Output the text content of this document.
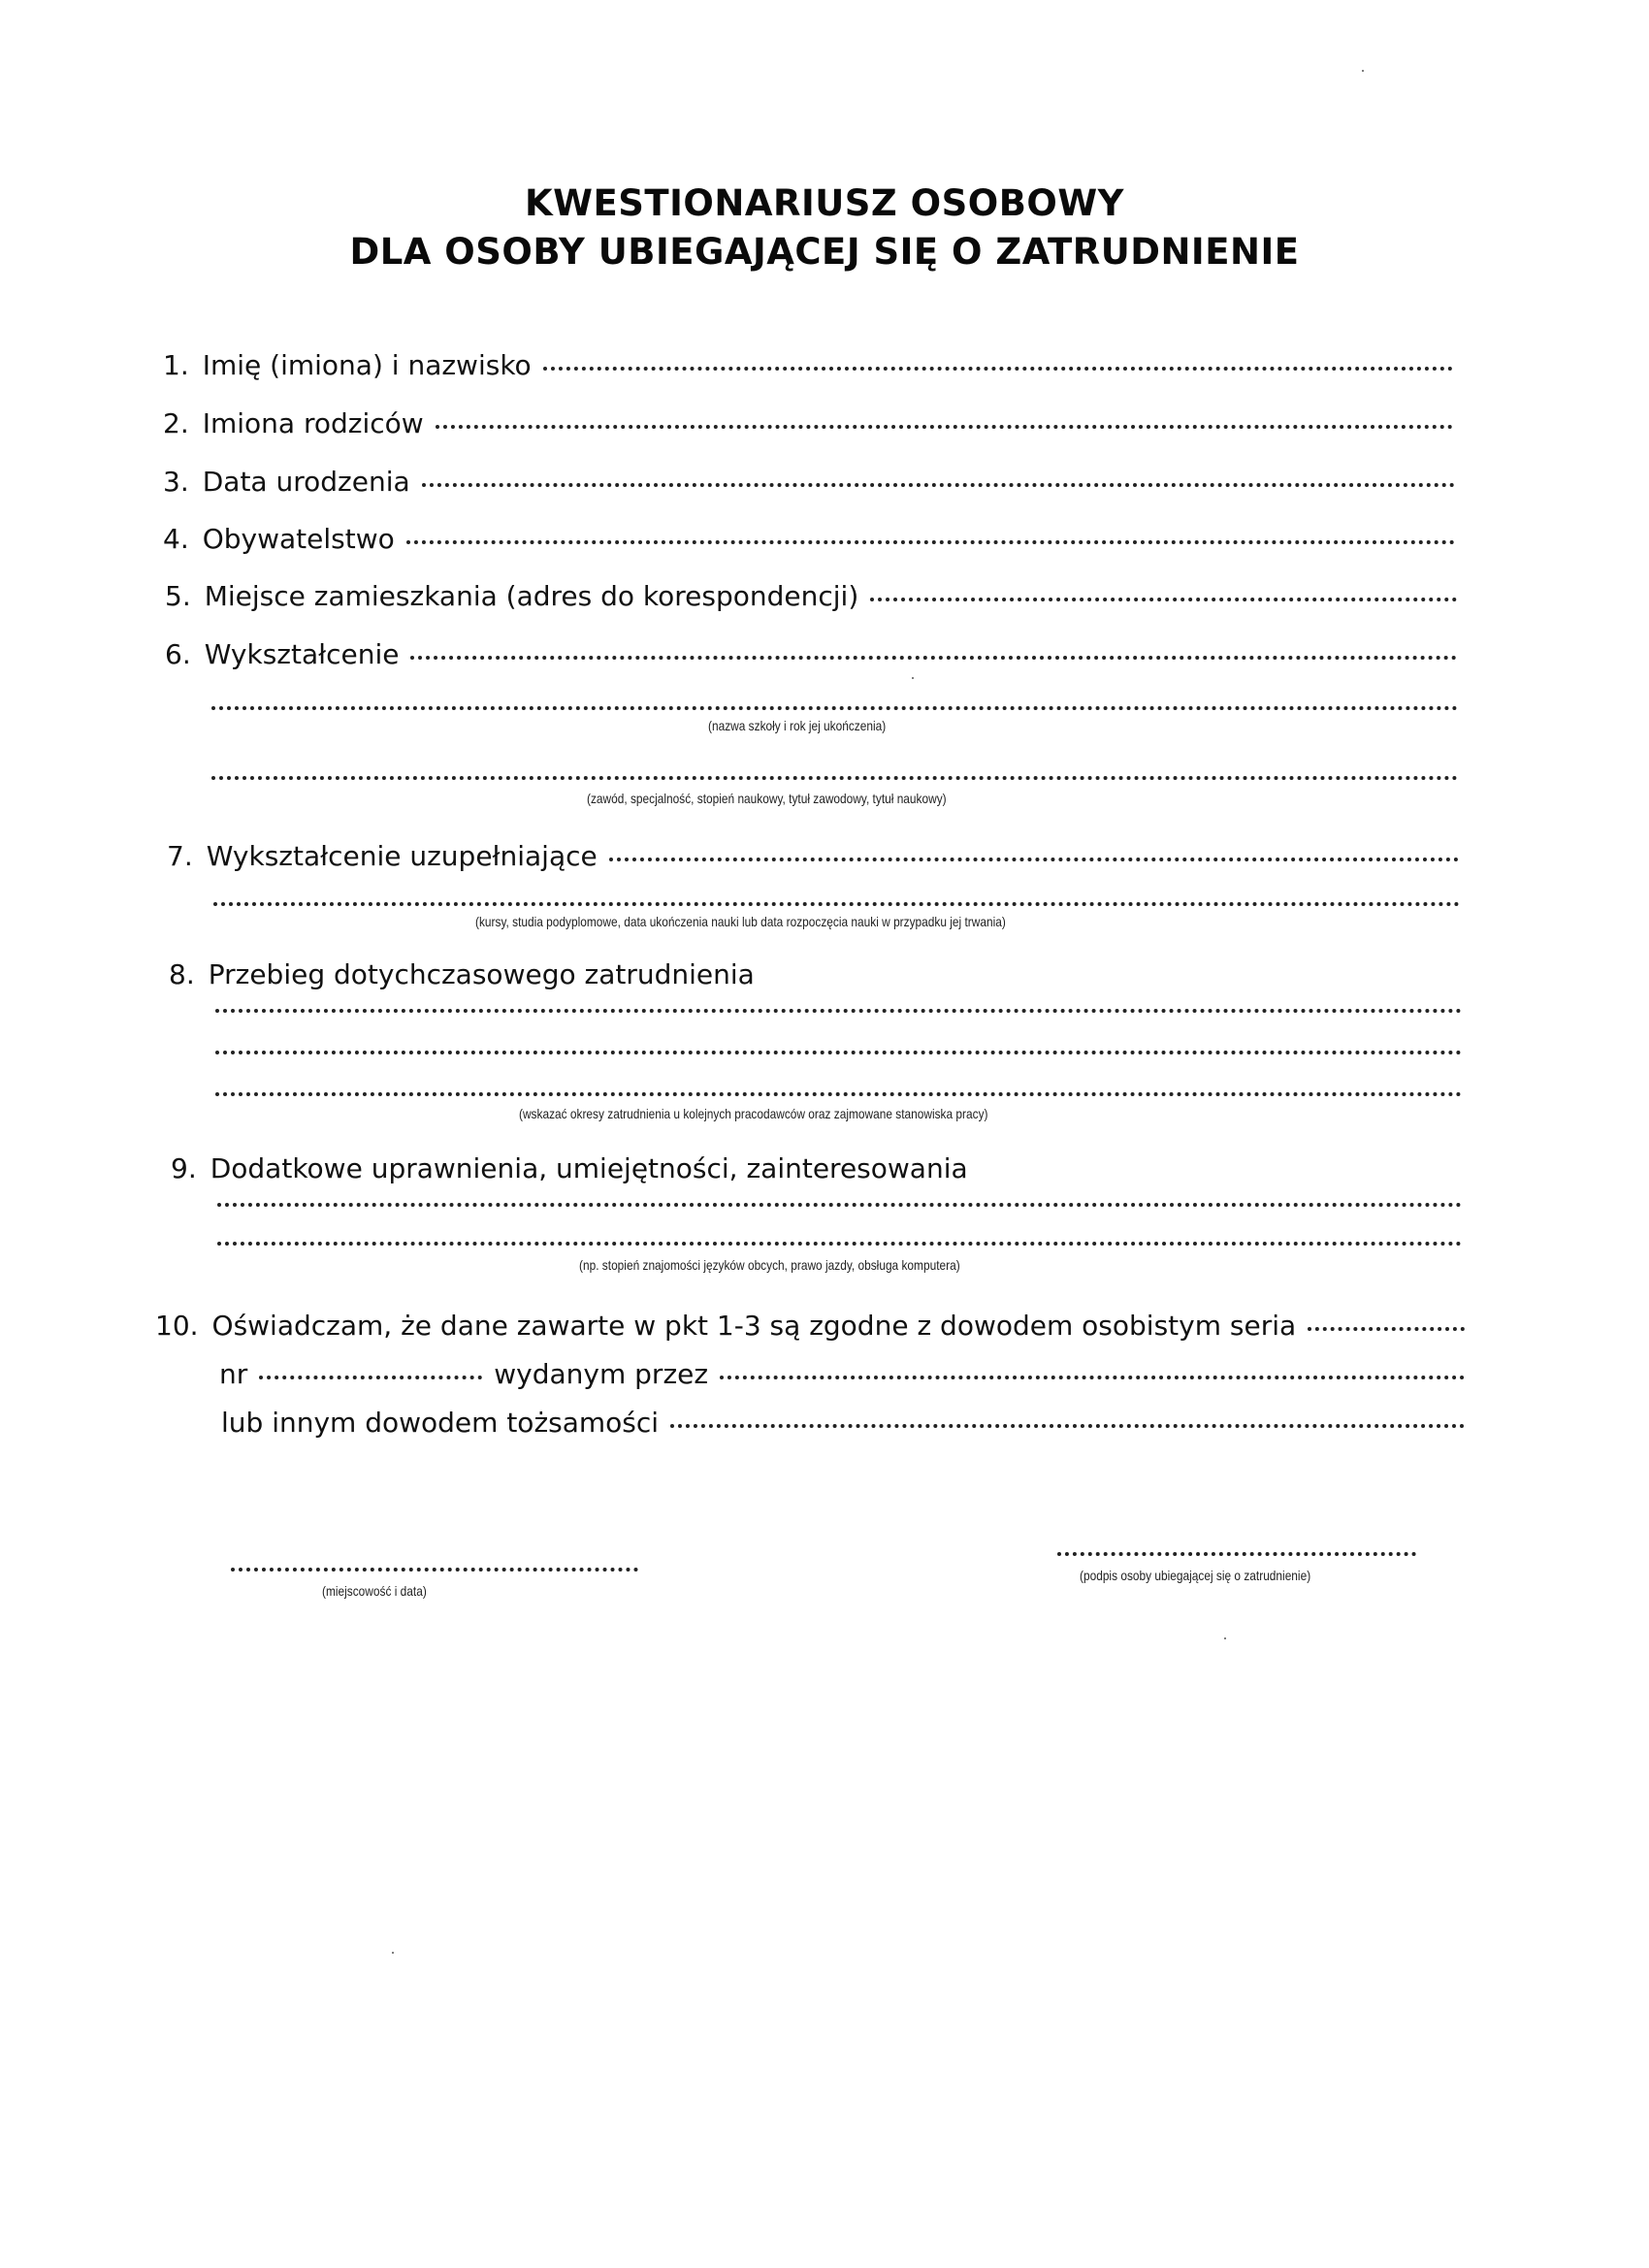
KWESTIONARIUSZ OSOBOWY
DLA OSOBY UBIEGAJĄCEJ SIĘ O ZATRUDNIENIE
1. Imię (imiona) i nazwisko
2. Imiona rodziców
3. Data urodzenia
4. Obywatelstwo
5. Miejsce zamieszkania (adres do korespondencji)
6. Wykształcenie
(nazwa szkoły i rok jej ukończenia)
(zawód, specjalność, stopień naukowy, tytuł zawodowy, tytuł naukowy)
7. Wykształcenie uzupełniające
(kursy, studia podyplomowe, data ukończenia nauki lub data rozpoczęcia nauki w przypadku jej trwania)
8. Przebieg dotychczasowego zatrudnienia
(wskazać okresy zatrudnienia u kolejnych pracodawców oraz zajmowane stanowiska pracy)
9. Dodatkowe uprawnienia, umiejętności, zainteresowania
(np. stopień znajomości języków obcych, prawo jazdy, obsługa komputera)
10. Oświadczam, że dane zawarte w pkt 1-3 są zgodne z dowodem osobistym seria
nr	wydanym przez
lub innym dowodem tożsamości
(miejscowość i data)
(podpis osoby ubiegającej się o zatrudnienie)
